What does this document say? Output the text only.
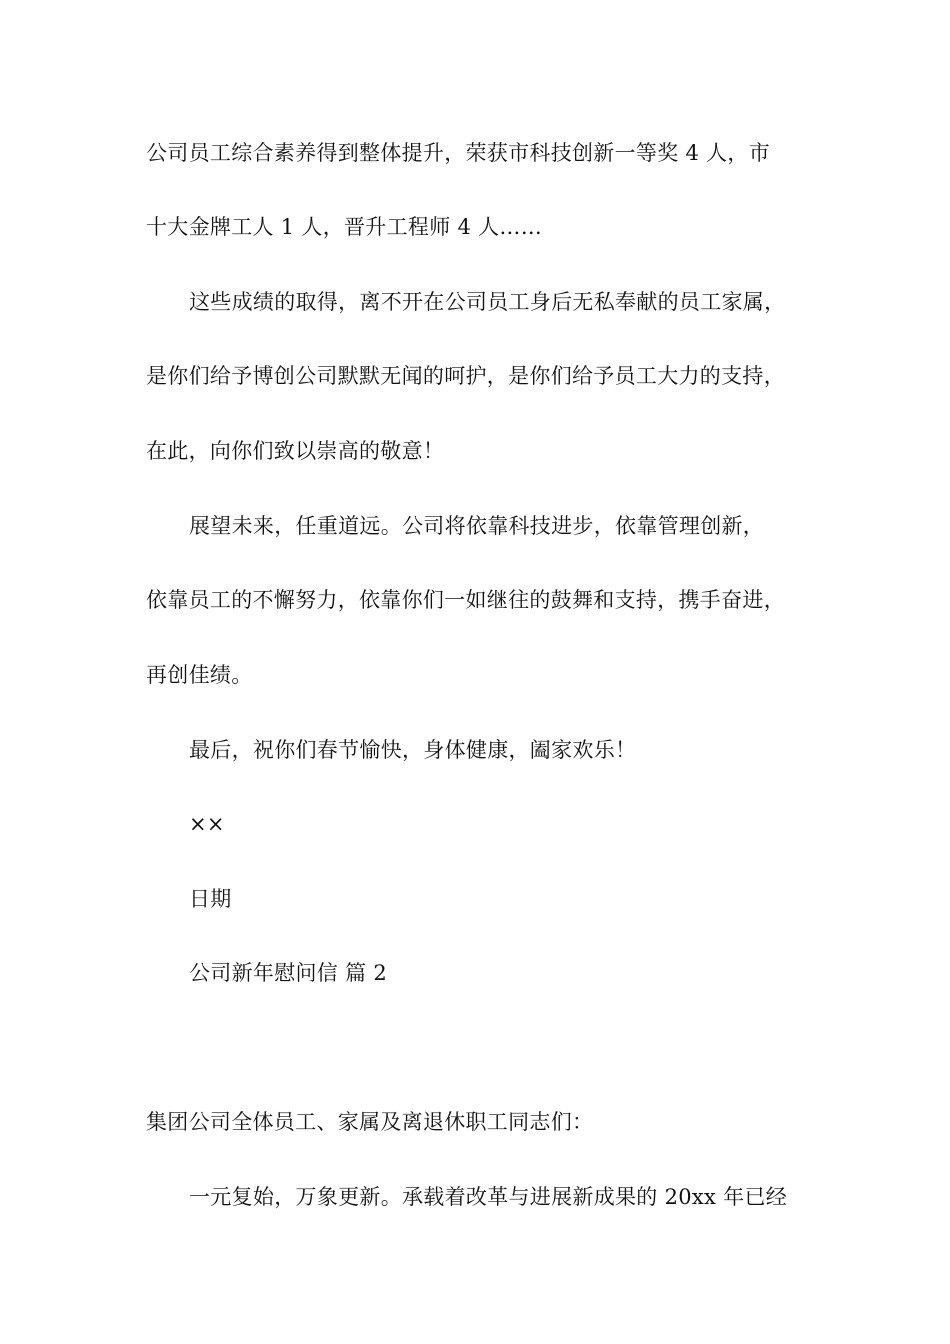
公司员工综合素养得到整体提升，荣获市科技创新一等奖 4 人，市
十大金牌工人 1 人，晋升工程师 4 人……
这些成绩的取得，离不开在公司员工身后无私奉献的员工家属，
是你们给予博创公司默默无闻的呵护，是你们给予员工大力的支持，
在此，向你们致以崇高的敬意！
展望未来，任重道远。公司将依靠科技进步，依靠管理创新，
依靠员工的不懈努力，依靠你们一如继往的鼓舞和支持，携手奋进，
再创佳绩。
最后，祝你们春节愉快，身体健康，阖家欢乐！
××
日期
公司新年慰问信 篇 2
集团公司全体员工、家属及离退休职工同志们：
一元复始，万象更新。承载着改革与进展新成果的 20xx 年已经
